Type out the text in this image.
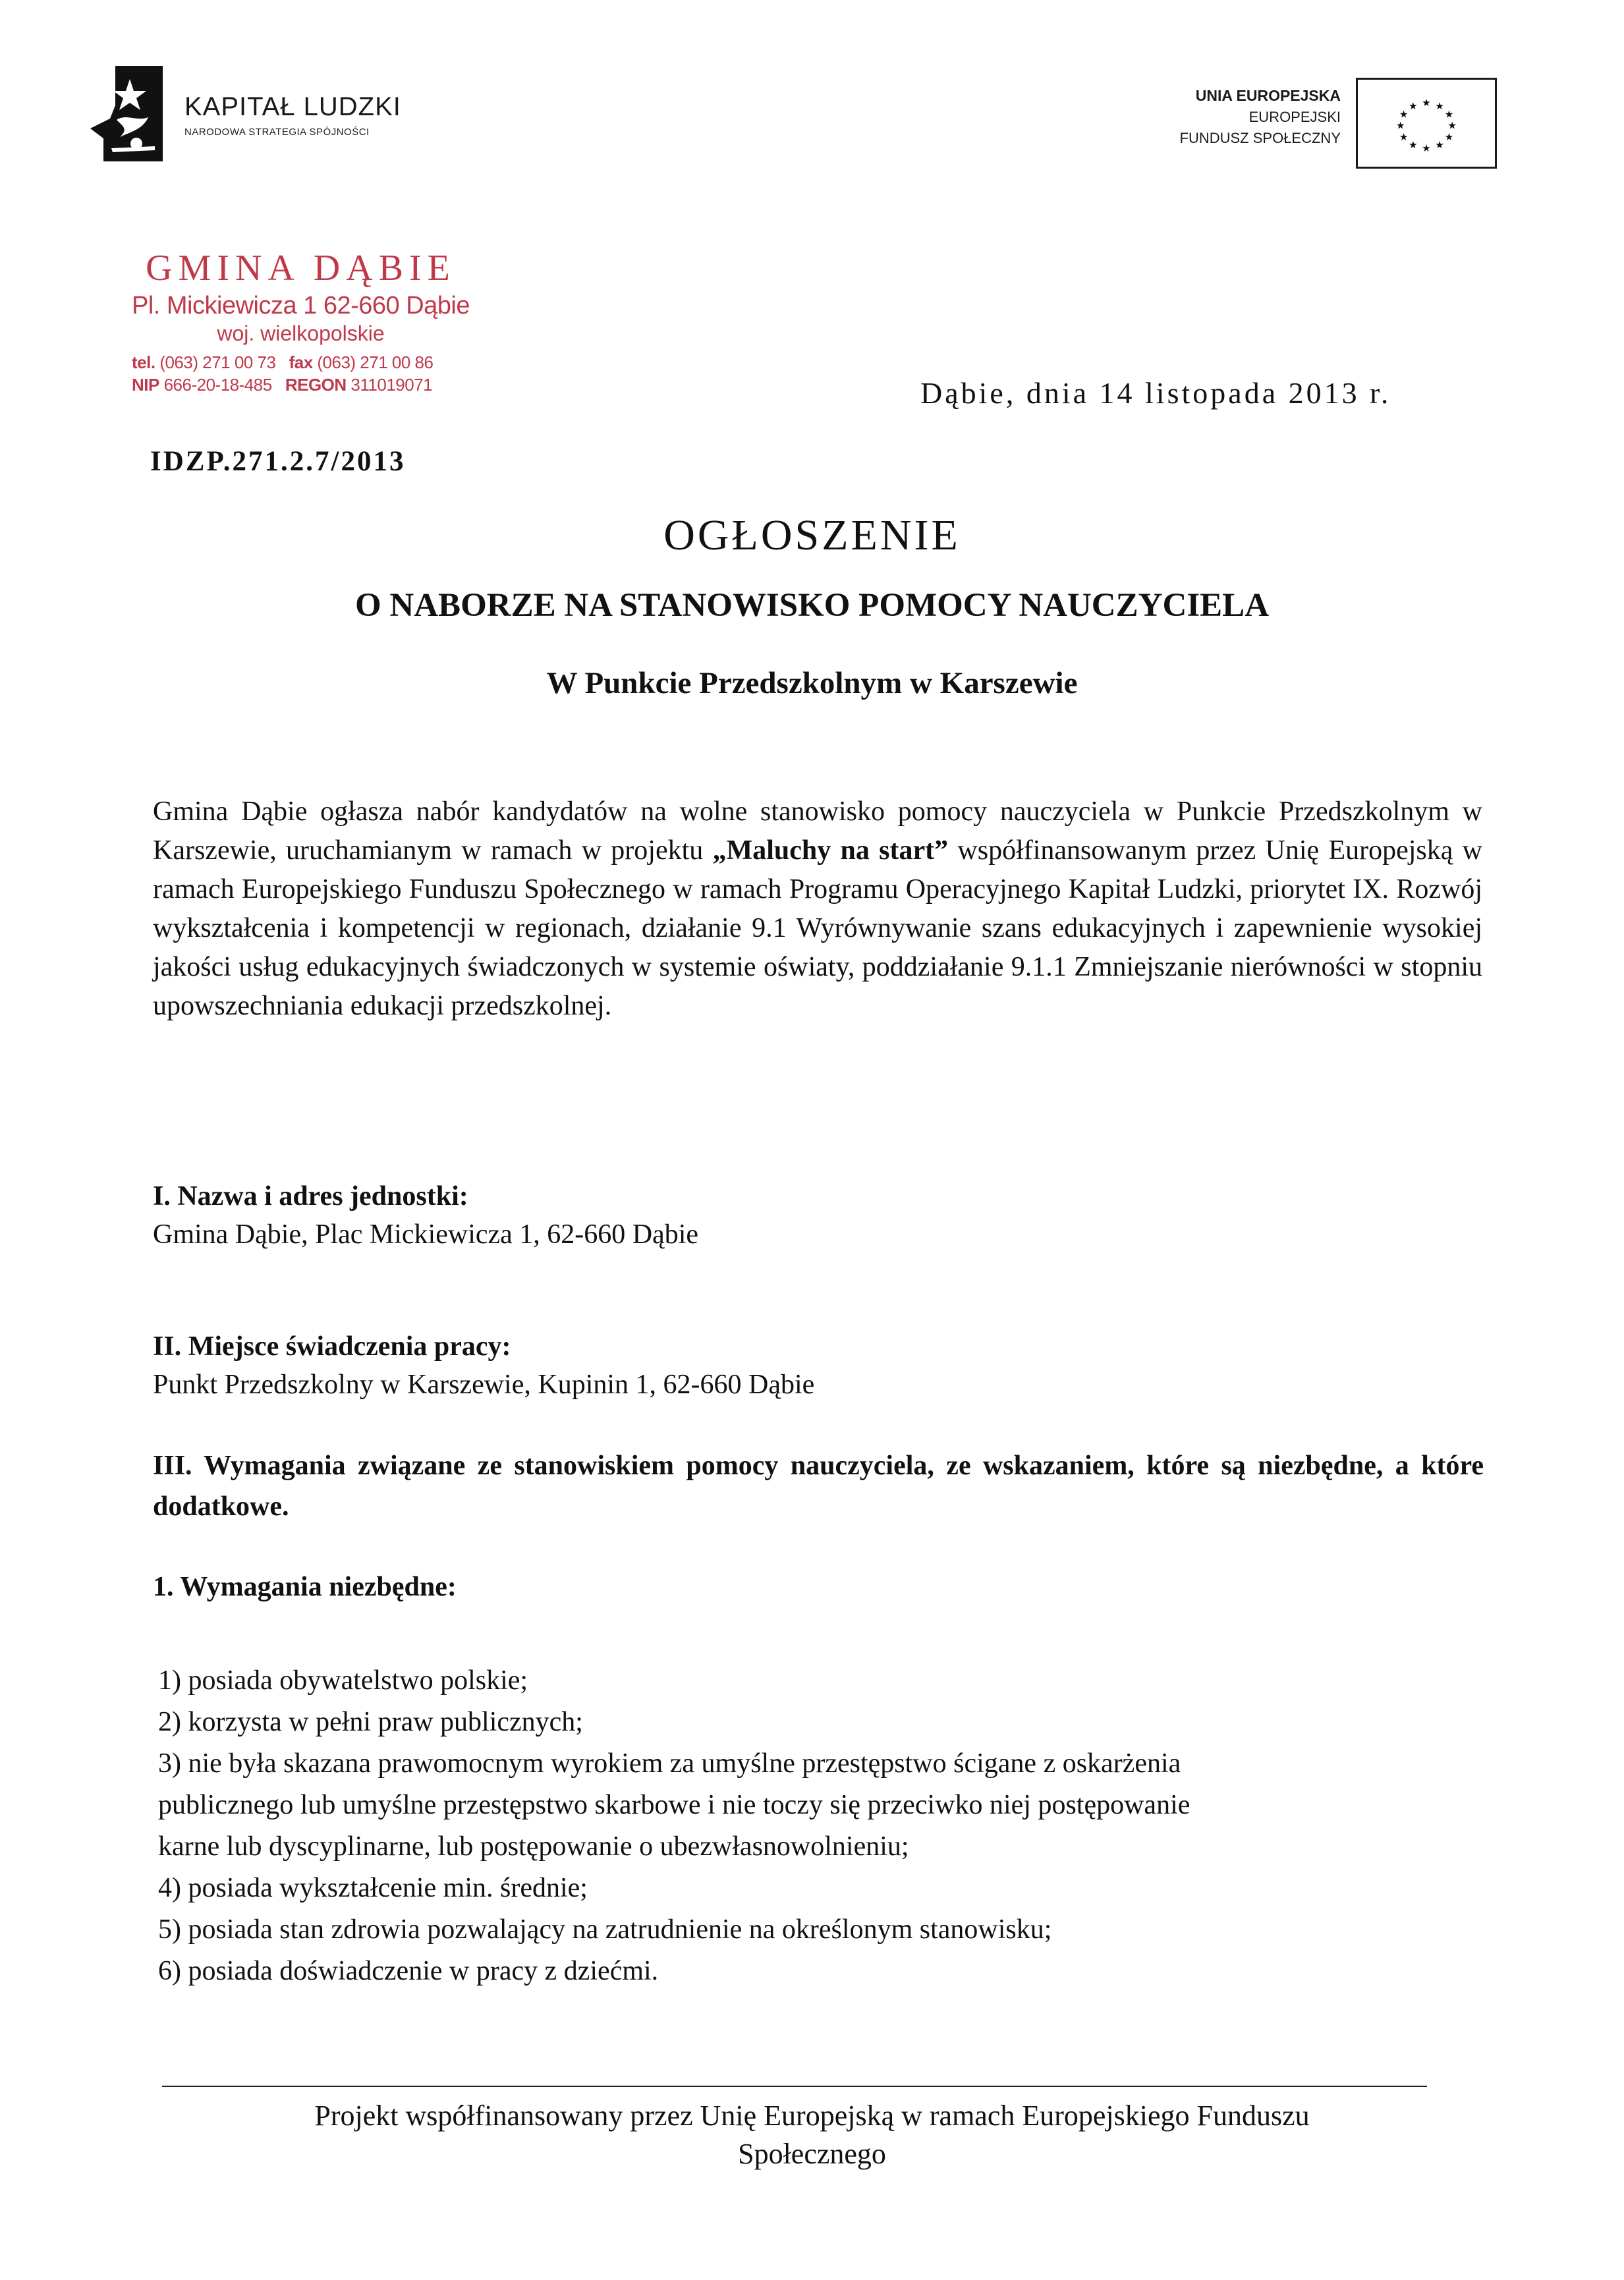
KAPITAŁ LUDZKI
NARODOWA STRATEGIA SPÓJNOŚCI
UNIA EUROPEJSKA
EUROPEJSKI
FUNDUSZ SPOŁECZNY
★ ★
★
★
★
★
★
★
★
★
★
★
GMINA DĄBIE
Pl. Mickiewicza 1 62-660 Dąbie
woj. wielkopolskie
tel. (063) 271 00 73 fax (063) 271 00 86
NIP 666-20-18-485 REGON 311019071	Dąbie, dnia 14 listopada 2013 r.
IDZP.271.2.7/2013
OGŁOSZENIE
O NABORZE NA STANOWISKO POMOCY NAUCZYCIELA
W Punkcie Przedszkolnym w Karszewie
Gmina Dąbie ogłasza nabór kandydatów na wolne stanowisko pomocy nauczyciela w Punkcie Przedszkolnym w Karszewie, uruchamianym w ramach w projektu „Maluchy na start” współfinansowanym przez Unię Europejską w ramach Europejskiego Funduszu Społecznego w ramach Programu Operacyjnego Kapitał Ludzki, priorytet IX. Rozwój wykształcenia i kompetencji w regionach, działanie 9.1 Wyrównywanie szans edukacyjnych i zapewnienie wysokiej jakości usług edukacyjnych świadczonych w systemie oświaty, poddziałanie 9.1.1 Zmniejszanie nierówności w stopniu upowszechniania edukacji przedszkolnej.
I. Nazwa i adres jednostki:
Gmina Dąbie, Plac Mickiewicza 1, 62-660 Dąbie
II. Miejsce świadczenia pracy:
Punkt Przedszkolny w Karszewie, Kupinin 1, 62-660 Dąbie
III. Wymagania związane ze stanowiskiem pomocy nauczyciela, ze wskazaniem, które są niezbędne, a które dodatkowe.
1. Wymagania niezbędne:
1) posiada obywatelstwo polskie;
2) korzysta w pełni praw publicznych;
3) nie była skazana prawomocnym wyrokiem za umyślne przestępstwo ścigane z oskarżenia
publicznego lub umyślne przestępstwo skarbowe i nie toczy się przeciwko niej postępowanie
karne lub dyscyplinarne, lub postępowanie o ubezwłasnowolnieniu;
4) posiada wykształcenie min. średnie;
5) posiada stan zdrowia pozwalający na zatrudnienie na określonym stanowisku;
6) posiada doświadczenie w pracy z dziećmi.
Projekt współfinansowany przez Unię Europejską w ramach Europejskiego Funduszu
Społecznego
